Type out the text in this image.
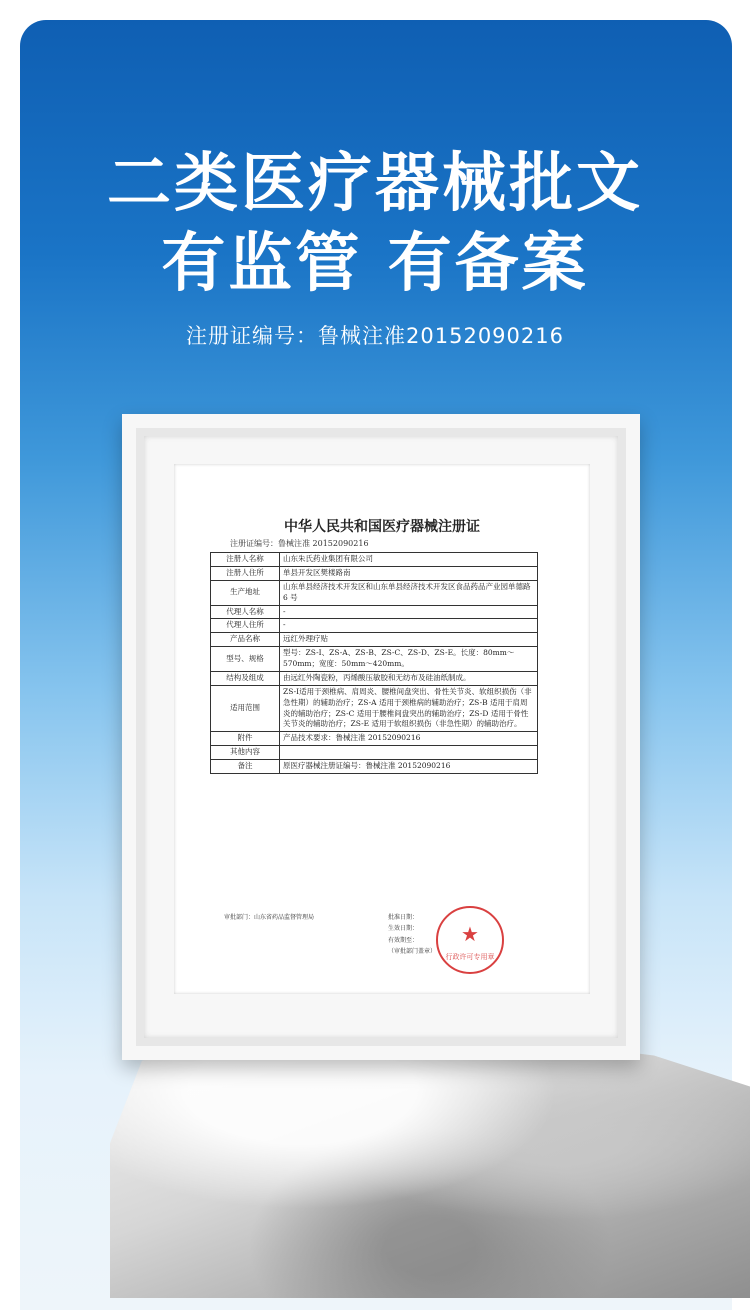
二类医疗器械批文
有监管 有备案
注册证编号：鲁械注准20152090216
中华人民共和国医疗器械注册证
注册证编号：鲁械注准 20152090216
注册人名称	山东朱氏药业集团有限公司
注册人住所	单县开发区樊楼路南
生产地址	山东单县经济技术开发区和山东单县经济技术开发区食品药品产业园单德路 6 号
代理人名称	-
代理人住所	-
产品名称	远红外理疗贴
型号、规格	型号：ZS-Ⅰ、ZS-A、ZS-B、ZS-C、ZS-D、ZS-E。长度：80mm～570mm；宽度：50mm～420mm。
结构及组成	由远红外陶瓷粉，丙烯酸压敏胶和无纺布及硅油纸制成。
适用范围	ZS-Ⅰ适用于颈椎病、肩周炎、腰椎间盘突出、骨性关节炎、软组织损伤（非急性期）的辅助治疗；ZS-A 适用于颈椎病的辅助治疗；ZS-B 适用于肩周炎的辅助治疗；ZS-C 适用于腰椎间盘突出的辅助治疗；ZS-D 适用于骨性关节炎的辅助治疗；ZS-E 适用于软组织损伤（非急性期）的辅助治疗。
附件	产品技术要求：鲁械注准 20152090216
其他内容	
备注	原医疗器械注册证编号：鲁械注准 20152090216
审批部门：山东省药品监督管理局	批准日期：
生效日期：
有效期至：
（审批部门盖章）
★
行政许可专用章
